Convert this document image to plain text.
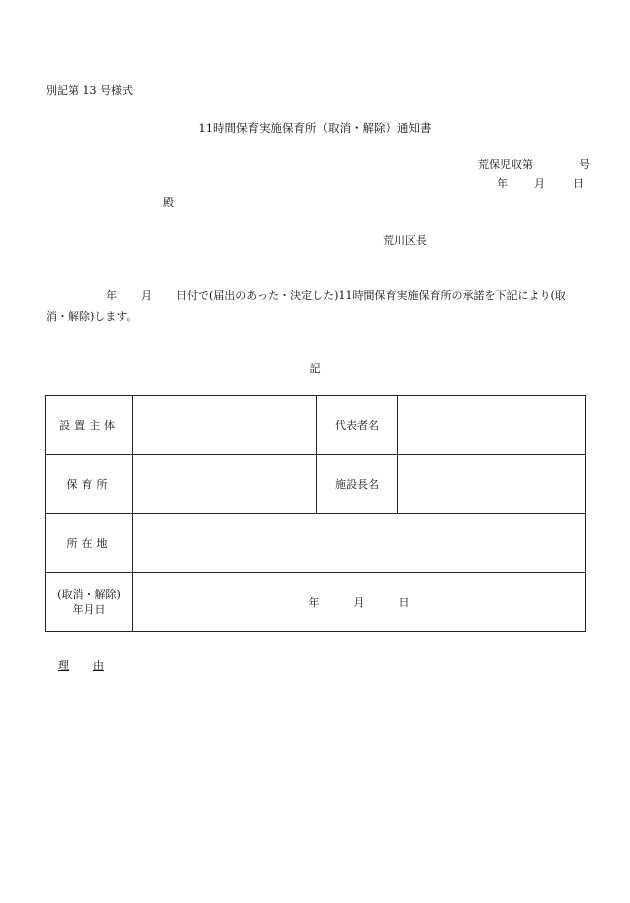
別記第 13 号様式
11時間保育実施保育所（取消・解除）通知書
荒保児収第	号
年 月	日
殿
荒川区長
年 月 日付で(届出のあった・決定した)11時間保育実施保育所の承諾を下記により(取消・解除)します。
記
設置主体		代表者名	
保育所		施設長名	
所在地			

(取消・解除)
年月日	年 月 日		
理 由
